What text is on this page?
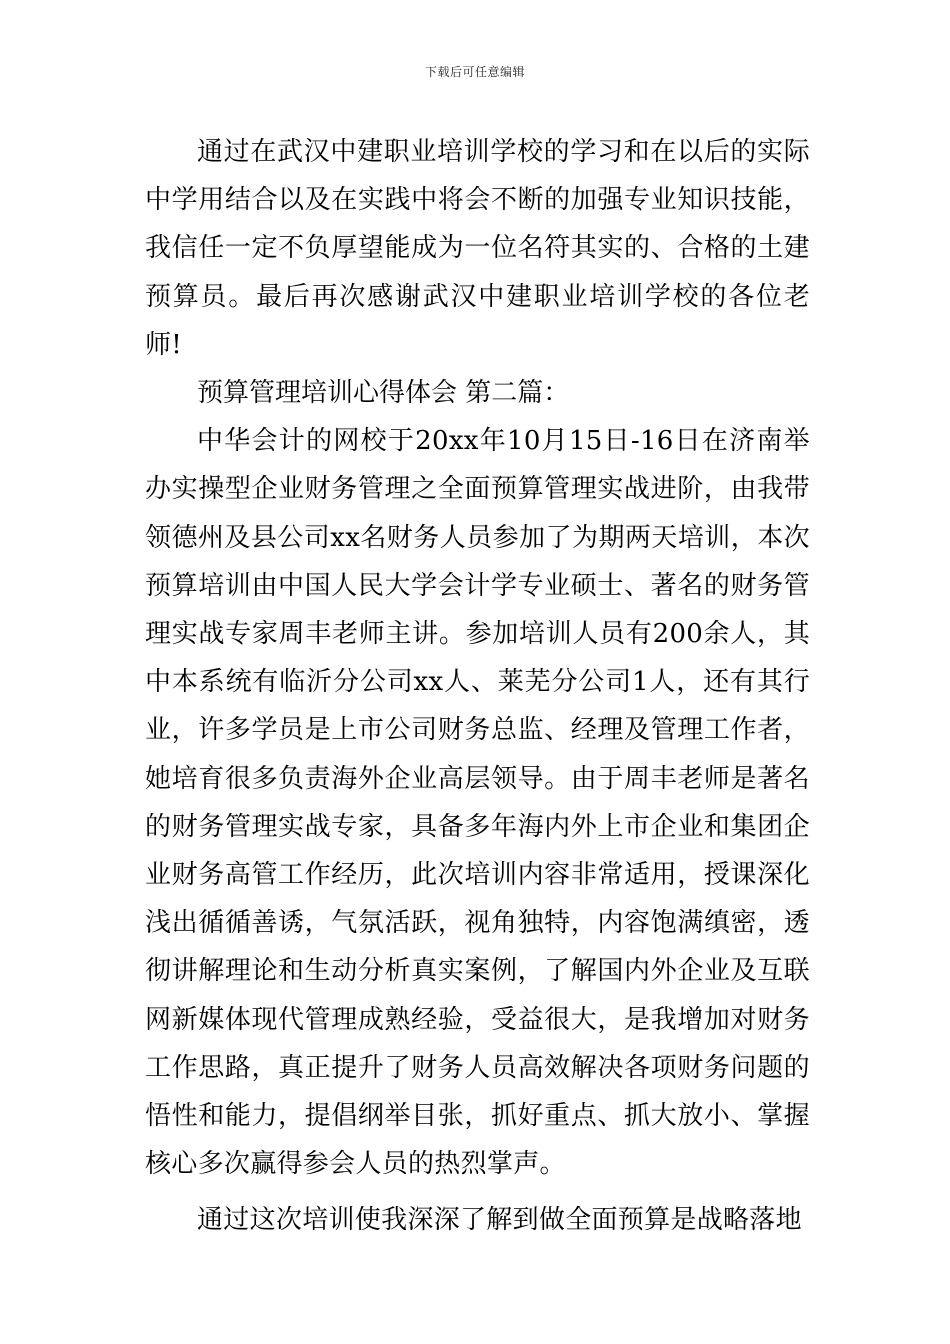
下载后可任意编辑

通过在武汉中建职业培训学校的学习和在以后的实际中学用结合以及在实践中将会不断的加强专业知识技能，我信任一定不负厚望能成为一位名符其实的、合格的土建预算员。最后再次感谢武汉中建职业培训学校的各位老师!

预算管理培训心得体会 第二篇：

中华会计的网校于20xx年10月15日-16日在济南举办实操型企业财务管理之全面预算管理实战进阶，由我带领德州及县公司xx名财务人员参加了为期两天培训，本次预算培训由中国人民大学会计学专业硕士、著名的财务管理实战专家周丰老师主讲。参加培训人员有200余人，其中本系统有临沂分公司xx人、莱芜分公司1人，还有其行业，许多学员是上市公司财务总监、经理及管理工作者，她培育很多负责海外企业高层领导。由于周丰老师是著名的财务管理实战专家，具备多年海内外上市企业和集团企业财务高管工作经历，此次培训内容非常适用，授课深化浅出循循善诱，气氛活跃，视角独特，内容饱满缜密，透彻讲解理论和生动分析真实案例，了解国内外企业及互联网新媒体现代管理成熟经验，受益很大，是我增加对财务工作思路，真正提升了财务人员高效解决各项财务问题的悟性和能力，提倡纲举目张，抓好重点、抓大放小、掌握核心多次赢得参会人员的热烈掌声。

通过这次培训使我深深了解到做全面预算是战略落地
